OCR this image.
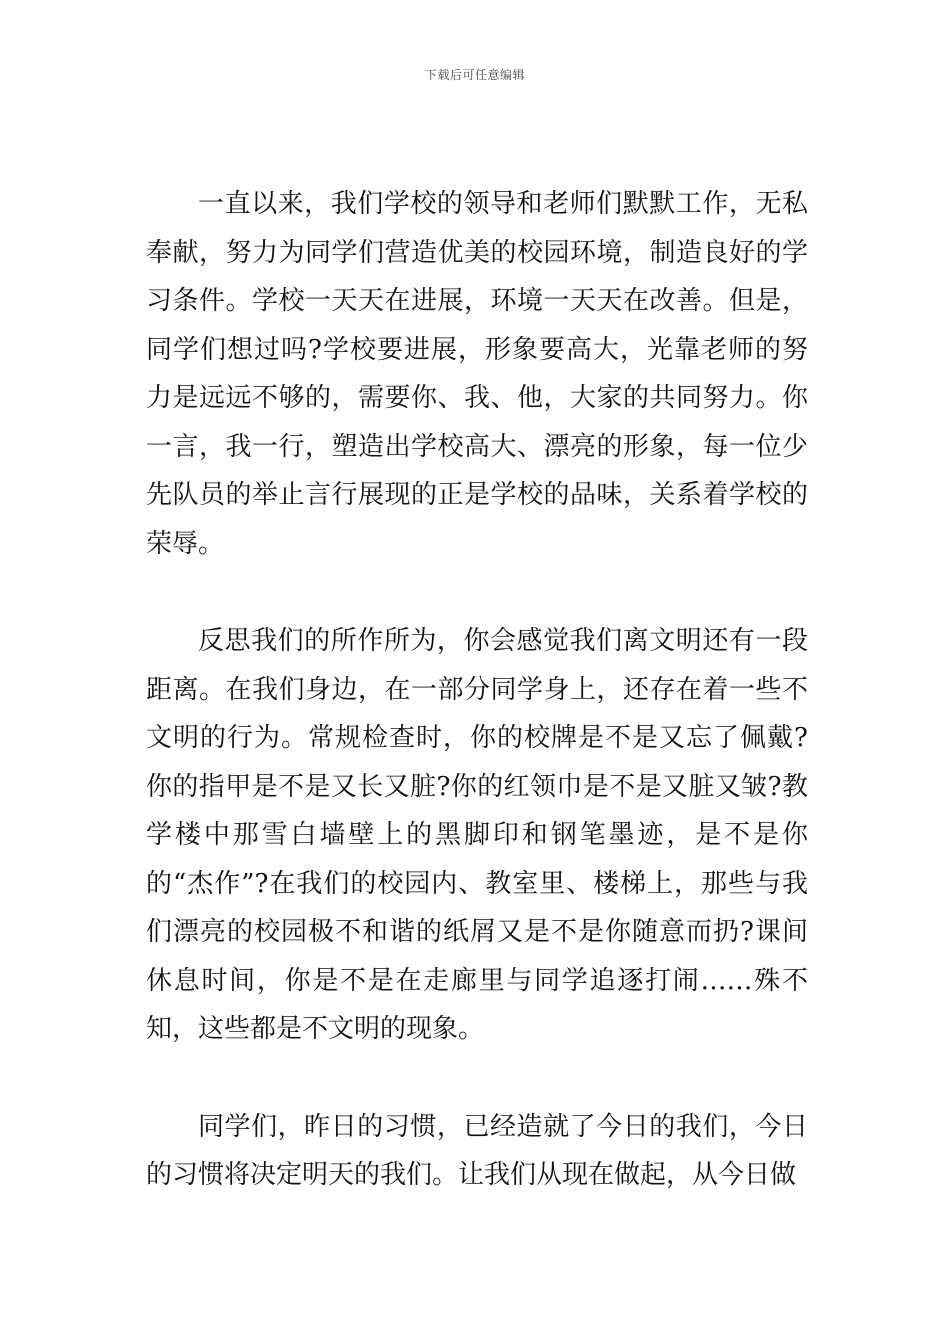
下载后可任意编辑

一直以来，我们学校的领导和老师们默默工作，无私奉献，努力为同学们营造优美的校园环境，制造良好的学习条件。学校一天天在进展，环境一天天在改善。但是，同学们想过吗?学校要进展，形象要高大，光靠老师的努力是远远不够的，需要你、我、他，大家的共同努力。你一言，我一行，塑造出学校高大、漂亮的形象，每一位少先队员的举止言行展现的正是学校的品味，关系着学校的荣辱。

反思我们的所作所为，你会感觉我们离文明还有一段距离。在我们身边，在一部分同学身上，还存在着一些不文明的行为。常规检查时，你的校牌是不是又忘了佩戴?你的指甲是不是又长又脏?你的红领巾是不是又脏又皱?教学楼中那雪白墙壁上的黑脚印和钢笔墨迹，是不是你的“杰作”?在我们的校园内、教室里、楼梯上，那些与我们漂亮的校园极不和谐的纸屑又是不是你随意而扔?课间休息时间，你是不是在走廊里与同学追逐打闹……殊不知，这些都是不文明的现象。

同学们，昨日的习惯，已经造就了今日的我们，今日的习惯将决定明天的我们。让我们从现在做起，从今日做
